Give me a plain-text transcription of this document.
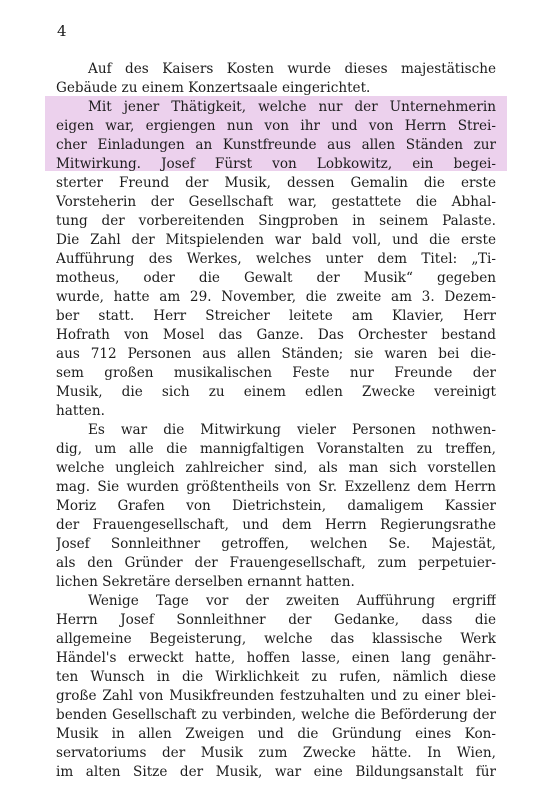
4
Auf des Kaisers Kosten wurde dieses majestätische
Gebäude zu einem Konzertsaale eingerichtet.
Mit jener Thätigkeit, welche nur der Unternehmerin
eigen war, ergiengen nun von ihr und von Herrn Strei-
cher Einladungen an Kunstfreunde aus allen Ständen zur
Mitwirkung. Josef Fürst von Lobkowitz, ein begei-
sterter Freund der Musik, dessen Gemalin die erste
Vorsteherin der Gesellschaft war, gestattete die Abhal-
tung der vorbereitenden Singproben in seinem Palaste.
Die Zahl der Mitspielenden war bald voll, und die erste
Aufführung des Werkes, welches unter dem Titel: „Ti-
motheus, oder die Gewalt der Musik“ gegeben
wurde, hatte am 29. November, die zweite am 3. Dezem-
ber statt. Herr Streicher leitete am Klavier, Herr
Hofrath von Mosel das Ganze. Das Orchester bestand
aus 712 Personen aus allen Ständen; sie waren bei die-
sem großen musikalischen Feste nur Freunde der
Musik, die sich zu einem edlen Zwecke vereinigt
hatten.
Es war die Mitwirkung vieler Personen nothwen-
dig, um alle die mannigfaltigen Voranstalten zu treffen,
welche ungleich zahlreicher sind, als man sich vorstellen
mag. Sie wurden größtentheils von Sr. Exzellenz dem Herrn
Moriz Grafen von Dietrichstein, damaligem Kassier
der Frauengesellschaft, und dem Herrn Regierungsrathe
Josef Sonnleithner getroffen, welchen Se. Majestät,
als den Gründer der Frauengesellschaft, zum perpetuier-
lichen Sekretäre derselben ernannt hatten.
Wenige Tage vor der zweiten Aufführung ergriff
Herrn Josef Sonnleithner der Gedanke, dass die
allgemeine Begeisterung, welche das klassische Werk
Händel's erweckt hatte, hoffen lasse, einen lang genähr-
ten Wunsch in die Wirklichkeit zu rufen, nämlich diese
große Zahl von Musikfreunden festzuhalten und zu einer blei-
benden Gesellschaft zu verbinden, welche die Beförderung der
Musik in allen Zweigen und die Gründung eines Kon-
servatoriums der Musik zum Zwecke hätte. In Wien,
im alten Sitze der Musik, war eine Bildungsanstalt für
